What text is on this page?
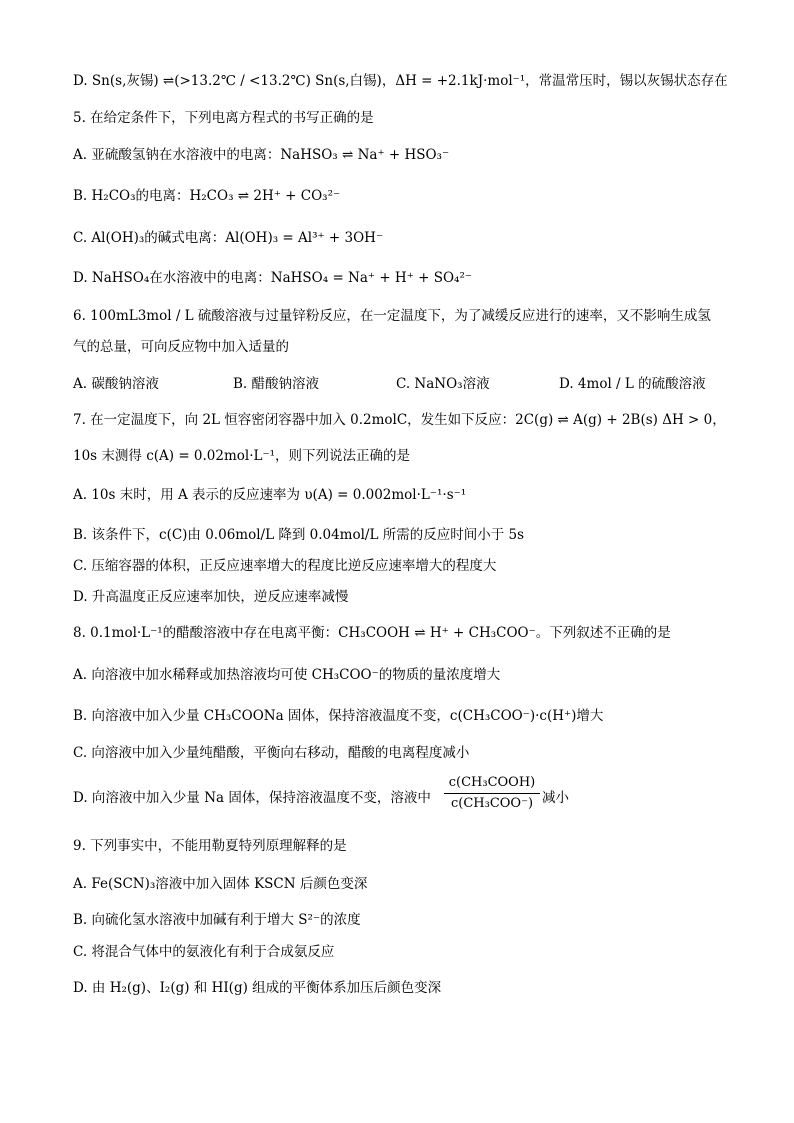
D. Sn(s,灰锡) ⇌(>13.2℃ / <13.2℃) Sn(s,白锡)，ΔH = +2.1kJ·mol⁻¹，常温常压时，锡以灰锡状态存在
5. 在给定条件下，下列电离方程式的书写正确的是
A. 亚硫酸氢钠在水溶液中的电离：NaHSO₃ ⇌ Na⁺ + HSO₃⁻
B. H₂CO₃的电离：H₂CO₃ ⇌ 2H⁺ + CO₃²⁻
C. Al(OH)₃的碱式电离：Al(OH)₃ = Al³⁺ + 3OH⁻
D. NaHSO₄在水溶液中的电离：NaHSO₄ = Na⁺ + H⁺ + SO₄²⁻
6. 100mL3mol / L 硫酸溶液与过量锌粉反应，在一定温度下，为了减缓反应进行的速率，又不影响生成氢
气的总量，可向反应物中加入适量的
A. 碳酸钠溶液	B. 醋酸钠溶液	C. NaNO₃溶液	D. 4mol / L 的硫酸溶液
7. 在一定温度下，向 2L 恒容密闭容器中加入 0.2molC，发生如下反应：2C(g) ⇌ A(g) + 2B(s) ΔH > 0，
10s 末测得 c(A) = 0.02mol·L⁻¹，则下列说法正确的是
A. 10s 末时，用 A 表示的反应速率为 υ(A) = 0.002mol·L⁻¹·s⁻¹
B. 该条件下，c(C)由 0.06mol/L 降到 0.04mol/L 所需的反应时间小于 5s
C. 压缩容器的体积，正反应速率增大的程度比逆反应速率增大的程度大
D. 升高温度正反应速率加快，逆反应速率减慢
8. 0.1mol·L⁻¹的醋酸溶液中存在电离平衡：CH₃COOH ⇌ H⁺ + CH₃COO⁻。下列叙述不正确的是
A. 向溶液中加水稀释或加热溶液均可使 CH₃COO⁻的物质的量浓度增大
B. 向溶液中加入少量 CH₃COONa 固体，保持溶液温度不变，c(CH₃COO⁻)·c(H⁺)增大
C. 向溶液中加入少量纯醋酸，平衡向右移动，醋酸的电离程度减小
D. 向溶液中加入少量 Na 固体，保持溶液温度不变，溶液中
c(CH₃COOH)
c(CH₃COO⁻) 减小
9. 下列事实中，不能用勒夏特列原理解释的是
A. Fe(SCN)₃溶液中加入固体 KSCN 后颜色变深
B. 向硫化氢水溶液中加碱有利于增大 S²⁻的浓度
C. 将混合气体中的氨液化有利于合成氨反应
D. 由 H₂(g)、I₂(g) 和 HI(g) 组成的平衡体系加压后颜色变深
